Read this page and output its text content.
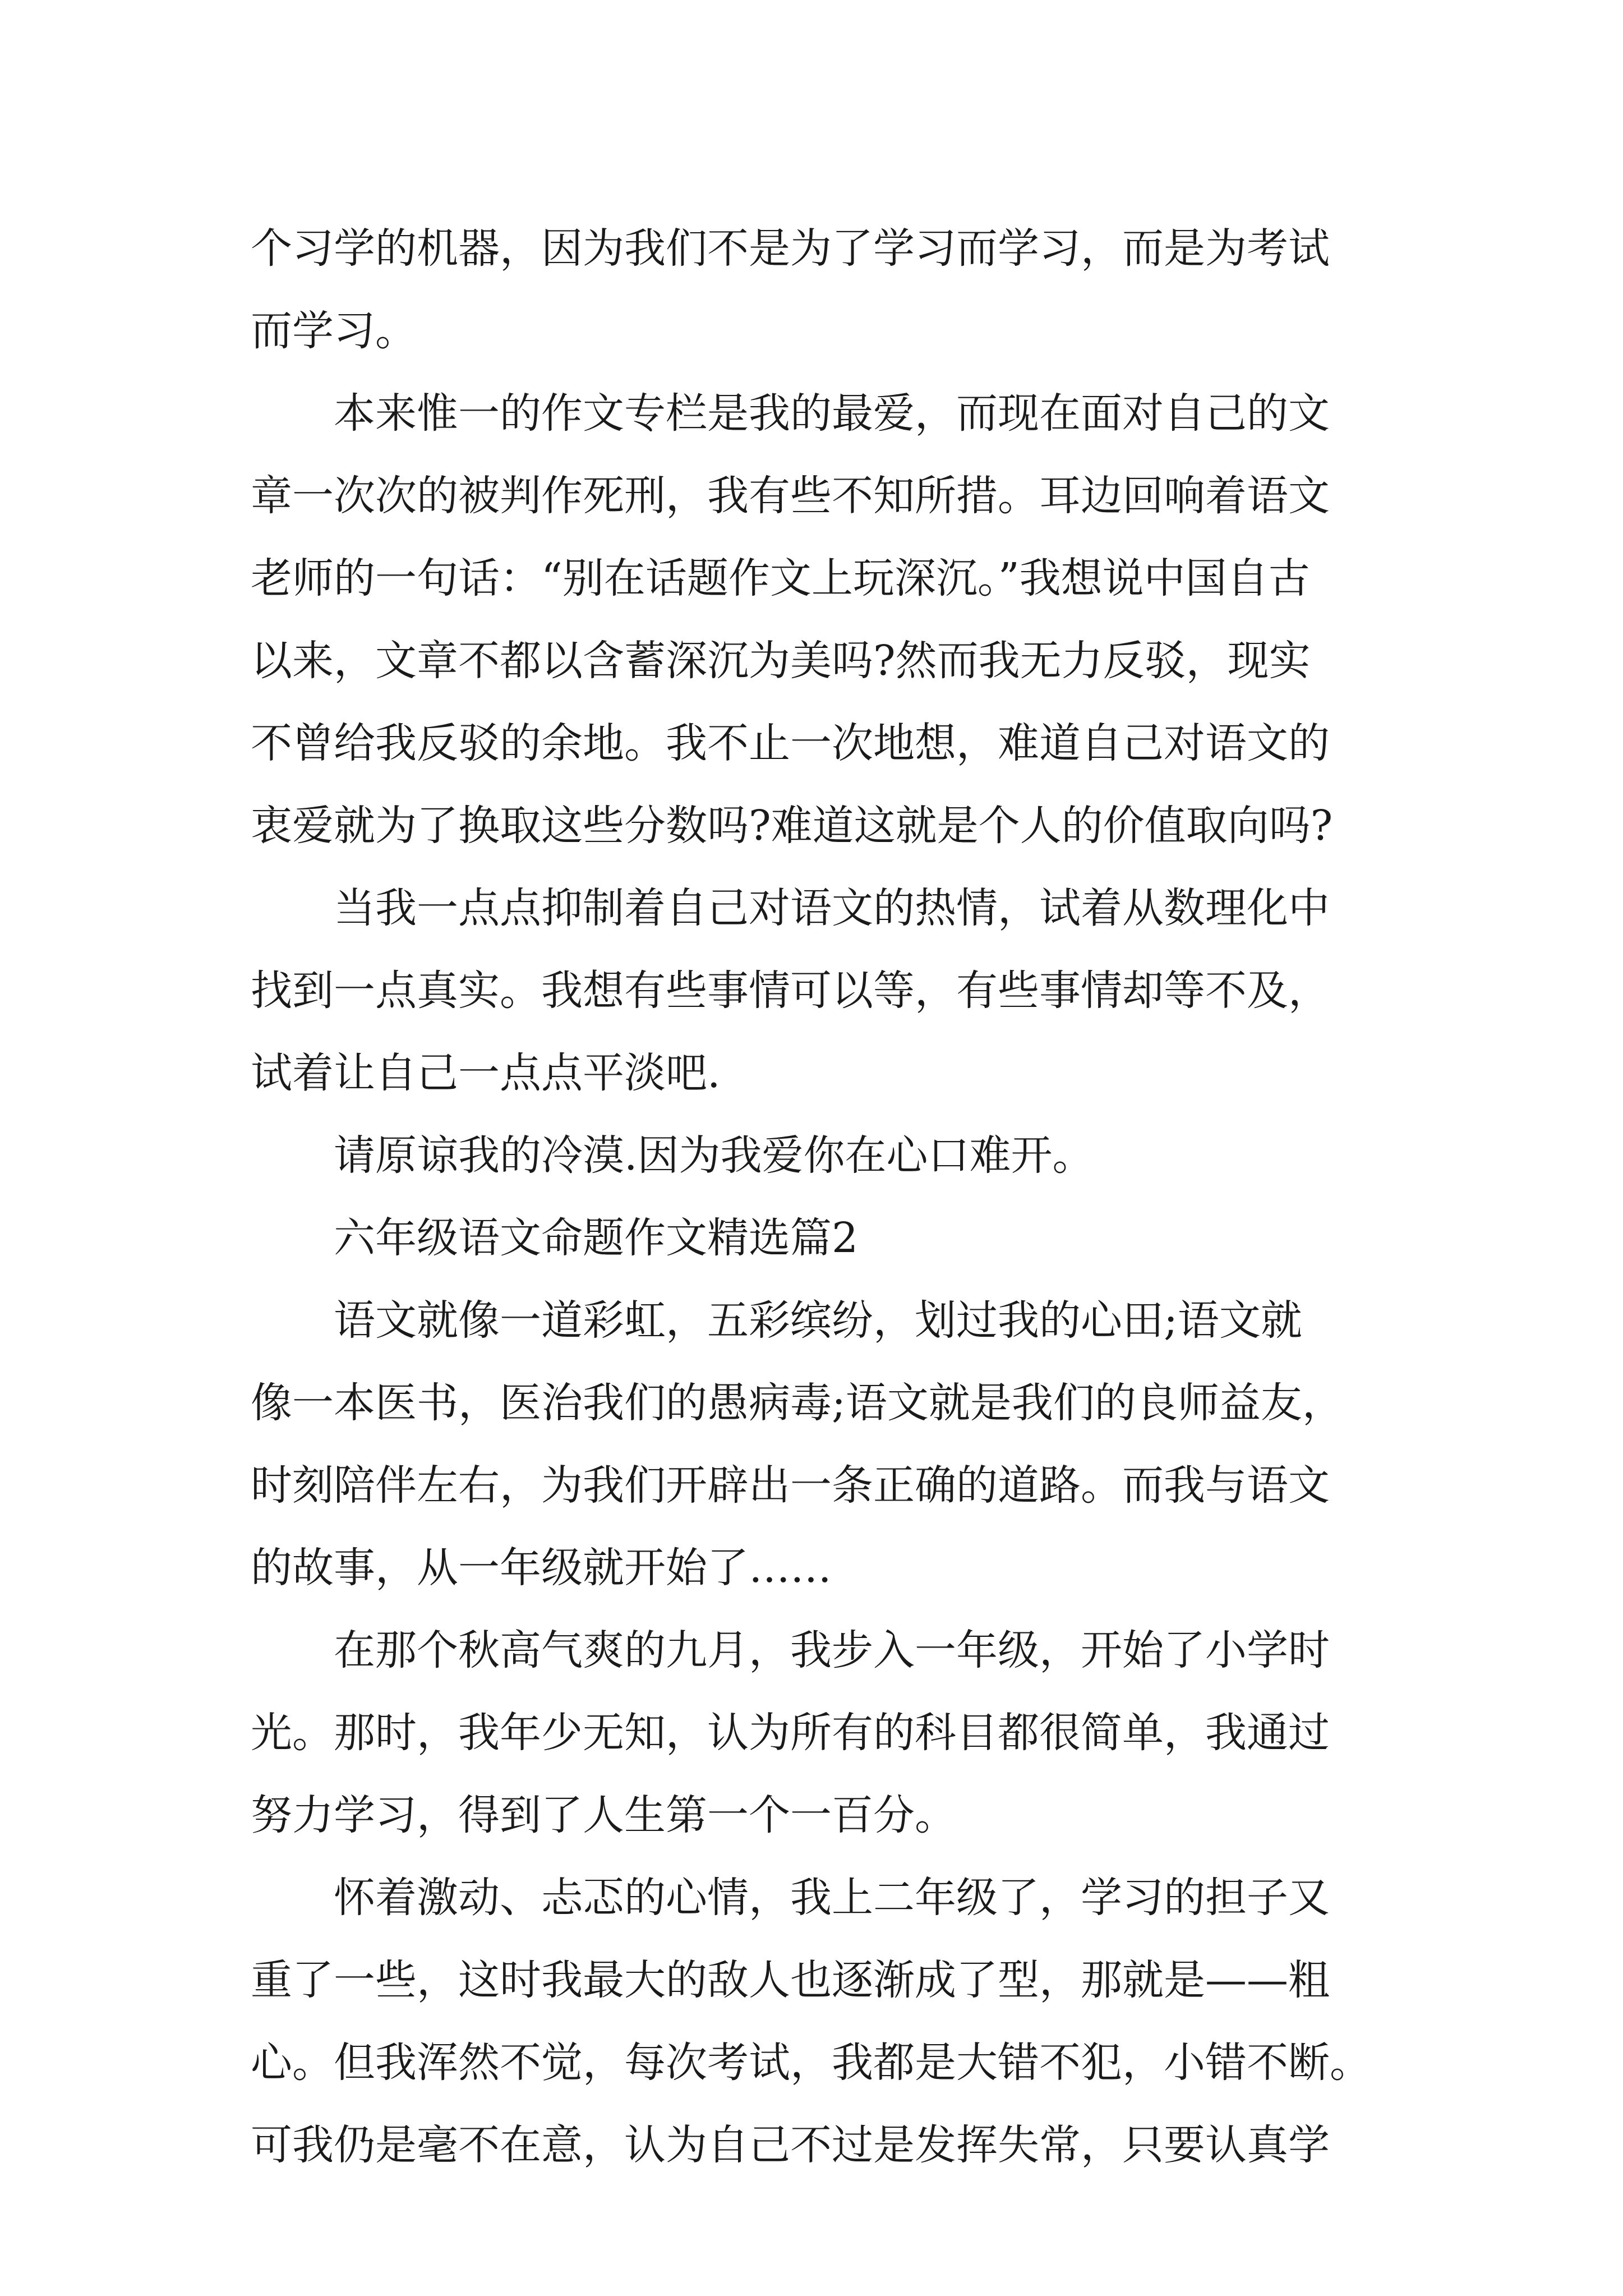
个习学的机器，因为我们不是为了学习而学习，而是为考试
而学习。

本来惟一的作文专栏是我的最爱，而现在面对自己的文
章一次次的被判作死刑，我有些不知所措。耳边回响着语文
老师的一句话：“别在话题作文上玩深沉。”我想说中国自古
以来，文章不都以含蓄深沉为美吗?然而我无力反驳，现实
不曾给我反驳的余地。我不止一次地想，难道自己对语文的
衷爱就为了换取这些分数吗?难道这就是个人的价值取向吗?

当我一点点抑制着自己对语文的热情，试着从数理化中
找到一点真实。我想有些事情可以等，有些事情却等不及，
试着让自己一点点平淡吧.

请原谅我的冷漠.因为我爱你在心口难开。

六年级语文命题作文精选篇2

语文就像一道彩虹，五彩缤纷，划过我的心田;语文就
像一本医书，医治我们的愚病毒;语文就是我们的良师益友，
时刻陪伴左右，为我们开辟出一条正确的道路。而我与语文
的故事，从一年级就开始了……

在那个秋高气爽的九月，我步入一年级，开始了小学时
光。那时，我年少无知，认为所有的科目都很简单，我通过
努力学习，得到了人生第一个一百分。

怀着激动、忐忑的心情，我上二年级了，学习的担子又
重了一些，这时我最大的敌人也逐渐成了型，那就是——粗
心。但我浑然不觉，每次考试，我都是大错不犯，小错不断。
可我仍是毫不在意，认为自己不过是发挥失常，只要认真学
